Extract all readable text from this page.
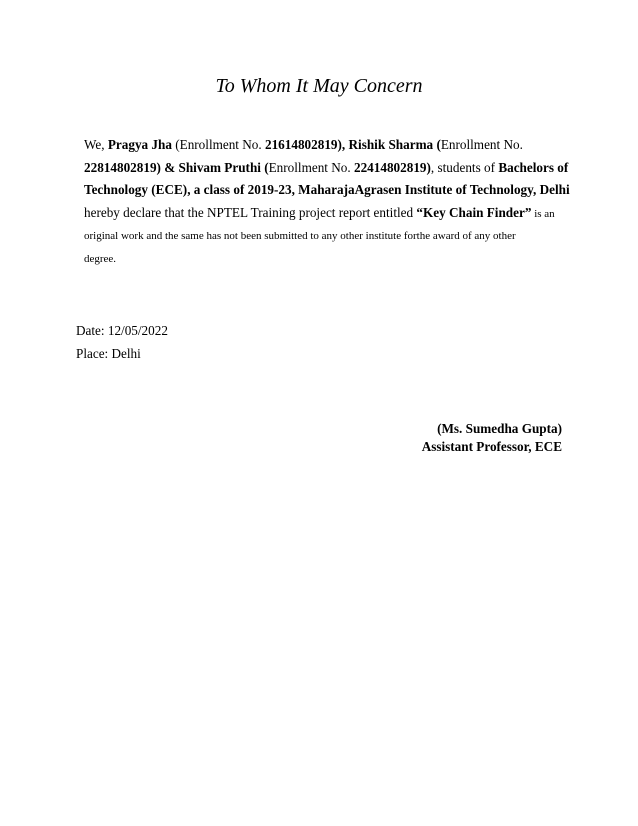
To Whom It May Concern
We, Pragya Jha (Enrollment No. 21614802819), Rishik Sharma (Enrollment No.
22814802819) & Shivam Pruthi (Enrollment No. 22414802819), students of Bachelors of
Technology (ECE), a class of 2019-23, MaharajaAgrasen Institute of Technology, Delhi
hereby declare that the NPTEL Training project report entitled “Key Chain Finder” is an
original work and the same has not been submitted to any other institute forthe award of any other
degree.
Date: 12/05/2022
Place: Delhi
(Ms. Sumedha Gupta)
Assistant Professor, ECE
